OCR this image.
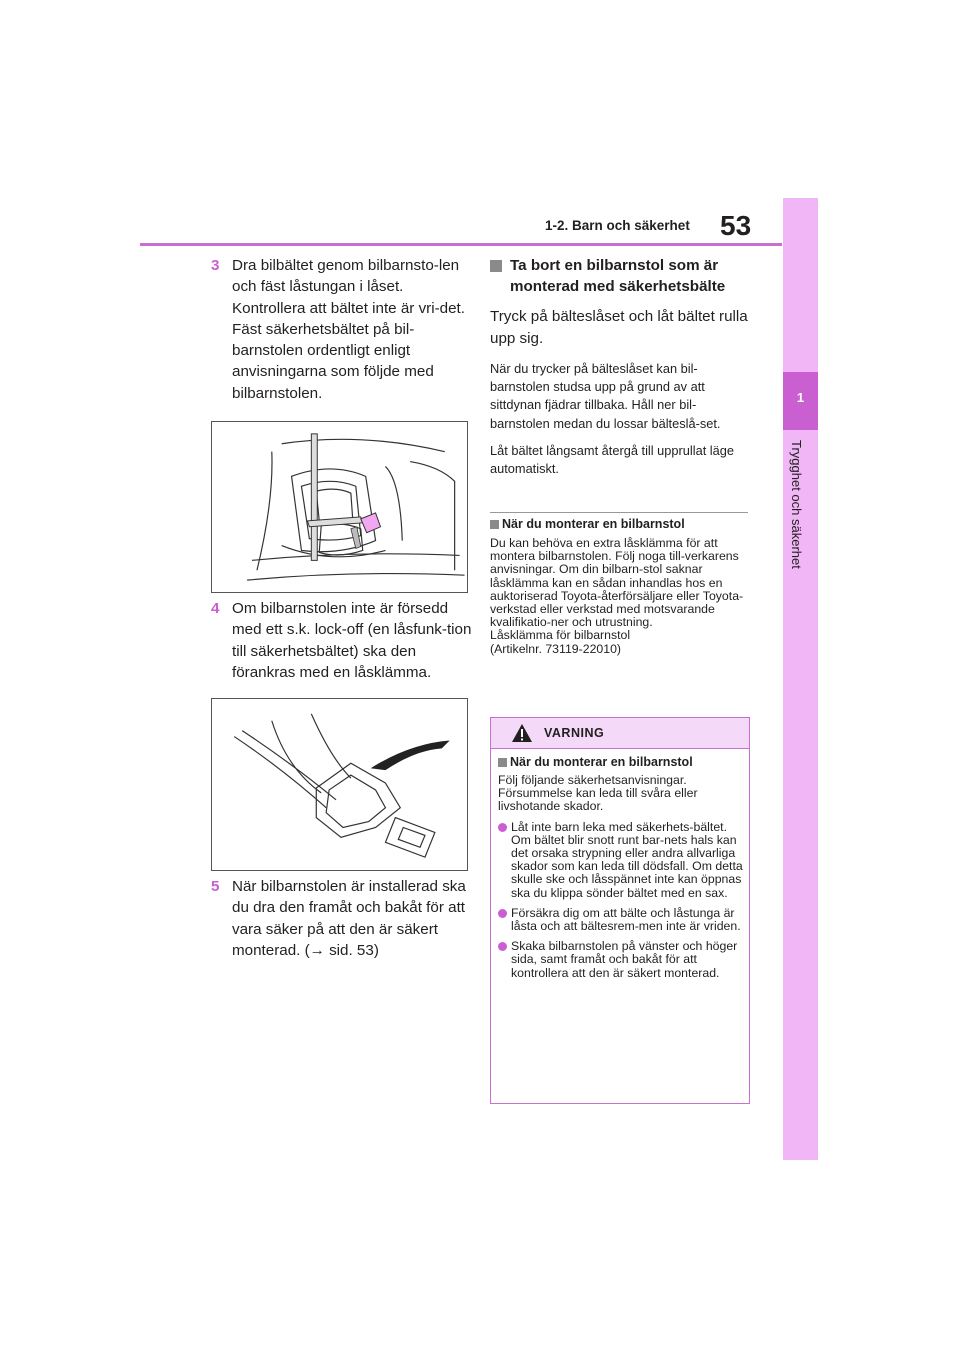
1-2. Barn och säkerhet 53
1
Trygghet och säkerhet
3 Dra bilbältet genom bilbarnsto-len och fäst låstungan i låset. Kontrollera att bältet inte är vri-det. Fäst säkerhetsbältet på bil-barnstolen ordentligt enligt anvisningarna som följde med bilbarnstolen.
4 Om bilbarnstolen inte är försedd med ett s.k. lock-off (en låsfunk-tion till säkerhetsbältet) ska den förankras med en låsklämma.
5 När bilbarnstolen är installerad ska du dra den framåt och bakåt för att vara säker på att den är säkert monterad. (→ sid. 53)
Ta bort en bilbarnstol som är monterad med säkerhetsbälte
Tryck på bälteslåset och låt bältet rulla upp sig.
När du trycker på bälteslåset kan bil-barnstolen studsa upp på grund av att sittdynan fjädrar tillbaka. Håll ner bil-barnstolen medan du lossar bälteslå-set.
Låt bältet långsamt återgå till upprullat läge automatiskt.
När du monterar en bilbarnstol
Du kan behöva en extra låsklämma för att montera bilbarnstolen. Följ noga till-verkarens anvisningar. Om din bilbarn-stol saknar låsklämma kan en sådan inhandlas hos en auktoriserad Toyota-återförsäljare eller Toyota-verkstad eller verkstad med motsvarande kvalifikatio-ner och utrustning.
Låsklämma för bilbarnstol
(Artikelnr. 73119-22010)
VARNING
När du monterar en bilbarnstol
Följ följande säkerhetsanvisningar. Försummelse kan leda till svåra eller livshotande skador.
Låt inte barn leka med säkerhets-bältet. Om bältet blir snott runt bar-nets hals kan det orsaka strypning eller andra allvarliga skador som kan leda till dödsfall. Om detta skulle ske och låsspännet inte kan öppnas ska du klippa sönder bältet med en sax.
Försäkra dig om att bälte och låstunga är låsta och att bältesrem-men inte är vriden.
Skaka bilbarnstolen på vänster och höger sida, samt framåt och bakåt för att kontrollera att den är säkert monterad.
